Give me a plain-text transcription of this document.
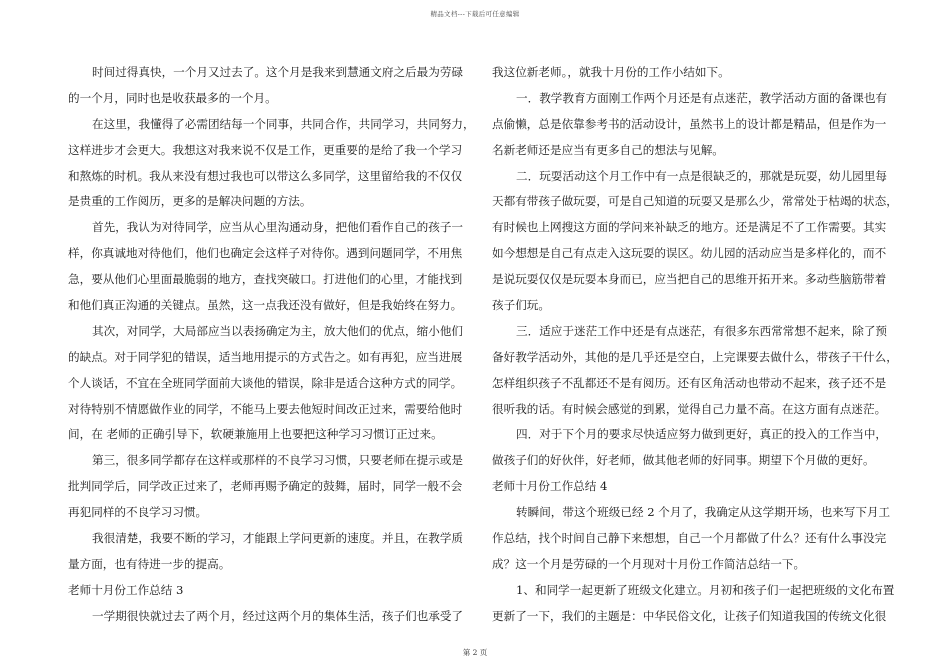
精品文档---下载后可任意编辑
时间过得真快，一个月又过去了。这个月是我来到慧通文府之后最为劳碌
的一个月，同时也是收获最多的一个月。
在这里，我懂得了必需团结每一个同事，共同合作，共同学习，共同努力，
这样进步才会更大。我想这对我来说不仅是工作，更重要的是给了我一个学习
和熬炼的时机。我从来没有想过我也可以带这么多同学，这里留给我的不仅仅
是贵重的工作阅历，更多的是解决问题的方法。
首先，我认为对待同学，应当从心里沟通动身，把他们看作自己的孩子一
样，你真诚地对待他们，他们也确定会这样子对待你。遇到问题同学，不用焦
急，要从他们心里面最脆弱的地方，查找突破口。打进他们的心里，才能找到
和他们真正沟通的关键点。虽然，这一点我还没有做好，但是我始终在努力。
其次，对同学，大局部应当以表扬确定为主，放大他们的优点，缩小他们
的缺点。对于同学犯的错误，适当地用提示的方式告之。如有再犯，应当进展
个人谈话，不宜在全班同学面前大谈他的错误，除非是适合这种方式的同学。
对待特别不情愿做作业的同学，不能马上要去他短时间改正过来，需要给他时
间，在 老师的正确引导下，软硬兼施用上也要把这种学习习惯订正过来。
第三，很多同学都存在这样或那样的不良学习习惯，只要老师在提示或是
批判同学后，同学改正过来了，老师再赐予确定的鼓舞，届时，同学一般不会
再犯同样的不良学习习惯。
我很清楚，我要不断的学习，才能跟上学问更新的速度。并且，在教学质
量方面，也有待进一步的提高。
老师十月份工作总结 3
一学期很快就过去了两个月，经过这两个月的集体生活，孩子们也承受了
我这位新老师。，就我十月份的工作小结如下。
一．教学教育方面刚工作两个月还是有点迷茫，教学活动方面的备课也有
点偷懒，总是依靠参考书的活动设计，虽然书上的设计都是精品，但是作为一
名新老师还是应当有更多自己的想法与见解。
二．玩耍活动这个月工作中有一点是很缺乏的，那就是玩耍，幼儿园里每
天都有带孩子做玩耍，可是自己知道的玩耍又是那么少，常常处于枯竭的状态，
有时候也上网搜这方面的学问来补缺乏的地方。还是满足不了工作需要。其实
如今想想是自己有点走入这玩耍的误区。幼儿园的活动应当是多样化的，而不
是说玩耍仅仅是玩耍本身而已，应当把自己的思维开拓开来。多动些脑筋带着
孩子们玩。
三．适应于迷茫工作中还是有点迷茫，有很多东西常常想不起来，除了预
备好教学活动外，其他的是几乎还是空白，上完课要去做什么，带孩子干什么，
怎样组织孩子不乱都还不是有阅历。还有区角活动也带动不起来，孩子还不是
很听我的话。有时候会感觉的到累，觉得自己力量不高。在这方面有点迷茫。
四．对于下个月的要求尽快适应努力做到更好，真正的投入的工作当中，
做孩子们的好伙伴，好老师，做其他老师的好同事。期望下个月做的更好。
老师十月份工作总结 4
转瞬间，带这个班级已经 2 个月了，我确定从这学期开场，也来写下月工
作总结，找个时间自己静下来想想，自己一个月都做了什么？还有什么事没完
成？这一个月是劳碌的一个月现对十月份工作简洁总结一下。
1、和同学一起更新了班级文化建立。月初和孩子们一起把班级的文化布置
更新了一下，我们的主题是：中华民俗文化，让孩子们知道我国的传统文化很
第 2 页
